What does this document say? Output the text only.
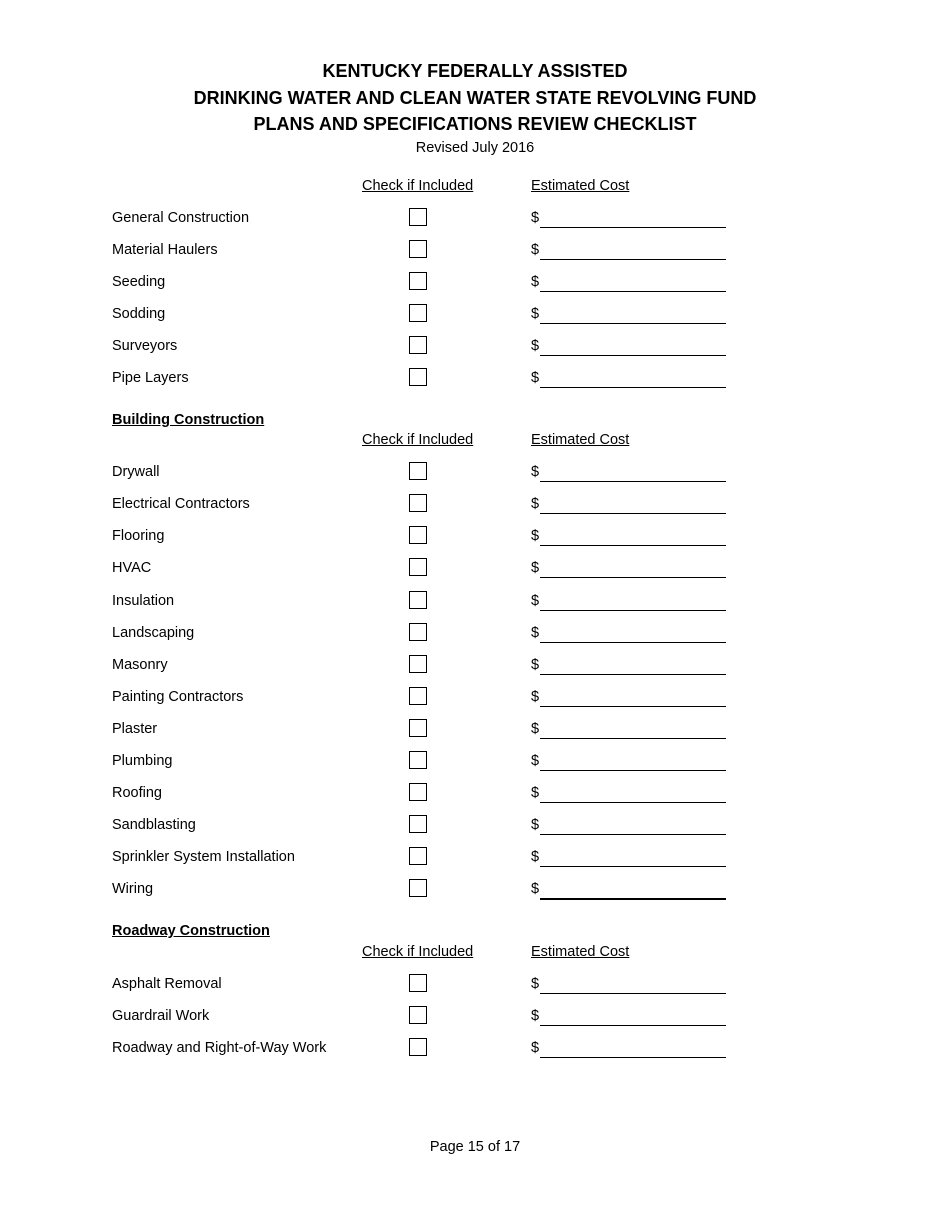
KENTUCKY FEDERALLY ASSISTED
DRINKING WATER AND CLEAN WATER STATE REVOLVING FUND
PLANS AND SPECIFICATIONS REVIEW CHECKLIST
Revised July 2016
Check if Included	Estimated Cost
General Construction	$
Material Haulers	$
Seeding	$
Sodding	$
Surveyors	$
Pipe Layers	$
Building Construction
Check if Included	Estimated Cost
Drywall	$
Electrical Contractors	$
Flooring	$
HVAC	$
Insulation	$
Landscaping	$
Masonry	$
Painting Contractors	$
Plaster	$
Plumbing	$
Roofing	$
Sandblasting	$
Sprinkler System Installation	$
Wiring	$
Roadway Construction
Check if Included	Estimated Cost
Asphalt Removal	$
Guardrail Work	$
Roadway and Right-of-Way Work	$
Page 15 of 17
